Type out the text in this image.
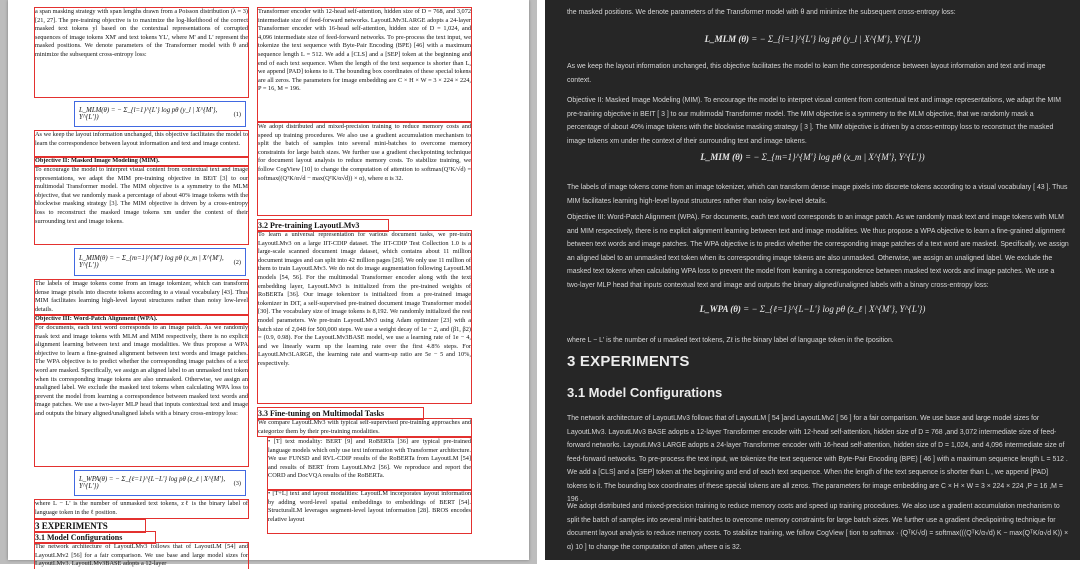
a span masking strategy with span lengths drawn from a Poisson distribution (λ = 3) [21, 27]. The pre-training objective is to maximize the log-likelihood of the correct masked text tokens yl based on the contextual representations of corrupted sequences of image tokens XM' and text tokens YL', where M' and L' represent the masked positions. We denote parameters of the Transformer model with θ and minimize the subsequent cross-entropy loss:
L_MLM(θ) = − Σ_{l=1}^{L'} log pθ (y_l | X^{M'}, Y^{L'})	(1)
As we keep the layout information unchanged, this objective facilitates the model to learn the correspondence between layout information and text and image context.
Objective II: Masked Image Modeling (MIM).
To encourage the model to interpret visual content from contextual text and image representations, we adapt the MIM pre-training objective in BEiT [3] to our multimodal Transformer model. The MIM objective is a symmetry to the MLM objective, that we randomly mask a percentage of about 40% image tokens with the blockwise masking strategy [3]. The MIM objective is driven by a cross-entropy loss to reconstruct the masked image tokens xm under the context of their surrounding text and image tokens.
L_MIM(θ) = − Σ_{m=1}^{M'} log pθ (x_m | X^{M'}, Y^{L'})	(2)
The labels of image tokens come from an image tokenizer, which can transform dense image pixels into discrete tokens according to a visual vocabulary [43]. Thus MIM facilitates learning high-level layout structures rather than noisy low-level details.
Objective III: Word-Patch Alignment (WPA).
For documents, each text word corresponds to an image patch. As we randomly mask text and image tokens with MLM and MIM respectively, there is no explicit alignment learning between text and image modalities. We thus propose a WPA objective to learn a fine-grained alignment between text words and image patches. The WPA objective is to predict whether the corresponding image patches of a text word are masked. Specifically, we assign an aligned label to an unmasked text token when its corresponding image tokens are also unmasked. Otherwise, we assign an unaligned label. We exclude the masked text tokens when calculating WPA loss to prevent the model from learning a correspondence between masked text words and image patches. We use a two-layer MLP head that inputs contextual text and image and outputs the binary aligned/unaligned labels with a binary cross-entropy loss:
L_WPA(θ) = − Σ_{ℓ=1}^{L−L'} log pθ (z_ℓ | X^{M'}, Y^{L'})	(3)
where L − L' is the number of unmasked text tokens, zℓ is the binary label of language token in the ℓ position.
3 EXPERIMENTS
3.1 Model Configurations
The network architecture of LayoutLMv3 follows that of LayoutLM [54] and LayoutLMv2 [56] for a fair comparison. We use base and large model sizes for LayoutLMv3. LayoutLMv3BASE adopts a 12-layer
Transformer encoder with 12-head self-attention, hidden size of D = 768, and 3,072 intermediate size of feed-forward networks. LayoutLMv3LARGE adopts a 24-layer Transformer encoder with 16-head self-attention, hidden size of D = 1,024, and 4,096 intermediate size of feed-forward networks. To pre-process the text input, we tokenize the text sequence with Byte-Pair Encoding (BPE) [46] with a maximum sequence length L = 512. We add a [CLS] and a [SEP] token at the beginning and end of each text sequence. When the length of the text sequence is shorter than L, we append [PAD] tokens to it. The bounding box coordinates of these special tokens are all zeros. The parameters for image embedding are C × H × W = 3 × 224 × 224, P = 16, M = 196.
We adopt distributed and mixed-precision training to reduce memory costs and speed up training procedures. We also use a gradient accumulation mechanism to split the batch of samples into several mini-batches to overcome memory constraints for large batch sizes. We further use a gradient checkpointing technique for document layout analysis to reduce memory costs. To stabilize training, we follow CogView [10] to change the computation of attention to softmax(QᵀK/√d) = softmax((QᵀK/α√d − max(QᵀK/α√d)) × α), where α is 32.
3.2 Pre-training LayoutLMv3
To learn a universal representation for various document tasks, we pre-train LayoutLMv3 on a large IIT-CDIP dataset. The IIT-CDIP Test Collection 1.0 is a large-scale scanned document image dataset, which contains about 11 million document images and can split into 42 million pages [26]. We only use 11 million of them to train LayoutLMv3. We do not do image augmentation following LayoutLM models [54, 56]. For the multimodal Transformer encoder along with the text embedding layer, LayoutLMv3 is initialized from the pre-trained weights of RoBERTa [36]. Our image tokenizer is initialized from a pre-trained image tokenizer in DiT, a self-supervised pre-trained document image Transformer model [30]. The vocabulary size of image tokens is 8,192. We randomly initialized the rest model parameters. We pre-train LayoutLMv3 using Adam optimizer [23] with a batch size of 2,048 for 500,000 steps. We use a weight decay of 1e − 2, and (β1, β2) = (0.9, 0.98). For the LayoutLMv3BASE model, we use a learning rate of 1e − 4, and we linearly warm up the learning rate over the first 4.8% steps. For LayoutLMv3LARGE, the learning rate and warm-up ratio are 5e − 5 and 10%, respectively.
3.3 Fine-tuning on Multimodal Tasks
We compare LayoutLMv3 with typical self-supervised pre-training approaches and categorize them by their pre-training modalities.
• [T] text modality: BERT [9] and RoBERTa [36] are typical pre-trained language models which only use text information with Transformer architecture. We use FUNSD and RVL-CDIP results of the RoBERTa from LayoutLM [54] and results of BERT from LayoutLMv2 [56]. We reproduce and report the CORD and DocVQA results of the RoBERTa.
• [T+L] text and layout modalities: LayoutLM incorporates layout information by adding word-level spatial embeddings to embeddings of BERT [54]. StructuralLM leverages segment-level layout information [28]. BROS encodes relative layout
the masked positions. We denote parameters of the Transformer model with θ and minimize the subsequent cross-entropy loss:
L_MLM (θ) = − Σ_{l=1}^{L'} log pθ (y_l | X^{M'}, Y^{L'})
As we keep the layout information unchanged, this objective facilitates the model to learn the correspondence between layout information and text and image context.
Objective II: Masked Image Modeling (MIM). To encourage the model to interpret visual content from contextual text and image representations, we adapt the MIM pre-training objective in BEIT [ 3 ] to our multimodal Transformer model. The MIM objective is a symmetry to the MLM objective, that we randomly mask a percentage of about 40% image tokens with the blockwise masking strategy [ 3 ]. The MIM objective is driven by a cross-entropy loss to reconstruct the masked image tokens xm under the context of their surrounding text and image tokens.
L_MIM (θ) = − Σ_{m=1}^{M'} log pθ (x_m | X^{M'}, Y^{L'})
The labels of image tokens come from an image tokenizer, which can transform dense image pixels into discrete tokens according to a visual vocabulary [ 43 ]. Thus MIM facilitates learning high-level layout structures rather than noisy low-level details.
Objective III: Word-Patch Alignment (WPA). For documents, each text word corresponds to an image patch. As we randomly mask text and image tokens with MLM and MIM respectively, there is no explicit alignment learning between text and image modalities. We thus propose a WPA objective to learn a fine-grained alignment between text words and image patches. The WPA objective is to predict whether the corresponding image patches of a text word are masked. Specifically, we assign an aligned label to an unmasked text token when its corresponding image tokens are also unmasked. Otherwise, we assign an unaligned label. We exclude the masked text tokens when calculating WPA loss to prevent the model from learning a correspondence between masked text words and image patches. We use a two-layer MLP head that inputs contextual text and image and outputs the binary aligned/unaligned labels with a binary cross-entropy loss:
L_WPA (θ) = − Σ_{ℓ=1}^{L−L'} log pθ (z_ℓ | X^{M'}, Y^{L'})
where L − L' is the number of u masked text tokens, Zℓ is the binary label of language token in the ℓposition.
3 EXPERIMENTS
3.1 Model Configurations
The network architecture of LayoutLMv3 follows that of LayoutLM [ 54 ]and LayoutLMv2 [ 56 ] for a fair comparison. We use base and large model sizes for LayoutLMv3. LayoutLMv3 BASE adopts a 12-layer Transformer encoder with 12-head self-attention, hidden size of D = 768 ,and 3,072 intermediate size of feed-forward networks. LayoutLMv3 LARGE adopts a 24-layer Transformer encoder with 16-head self-attention, hidden size of D = 1,024, and 4,096 intermediate size of feed-forward networks. To pre-process the text input, we tokenize the text sequence with Byte-Pair Encoding (BPE) [ 46 ] with a maximum sequence length L = 512 . We add a [CLS] and a [SEP] token at the beginning and end of each text sequence. When the length of the text sequence is shorter than L , we append [PAD] tokens to it. The bounding box coordinates of these special tokens are all zeros. The parameters for image embedding are C × H × W = 3 × 224 × 224 ,P = 16 ,M = 196 .
We adopt distributed and mixed-precision training to reduce memory costs and speed up training procedures. We also use a gradient accumulation mechanism to split the batch of samples into several mini-batches to overcome memory constraints for large batch sizes. We further use a gradient checkpointing technique for document layout analysis to reduce memory costs. To stabilize training, we follow CogView [ tion to softmax · (QᵀK/√d) = softmax(((QᵀK/α√d) K − max(QᵀK/α√d K)) × α) 10 ] to change the computation of atten ,where α is 32.
